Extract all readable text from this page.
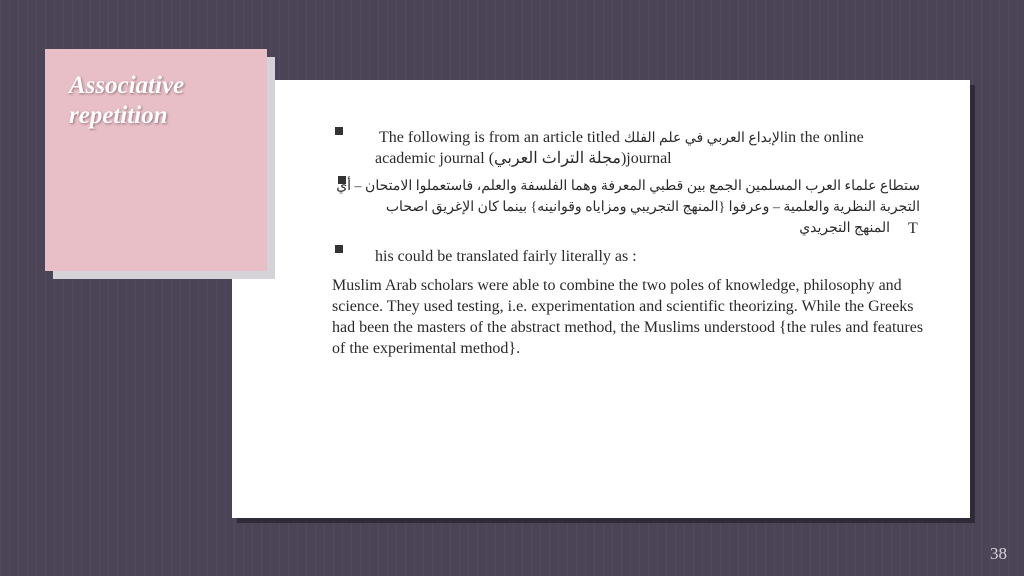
Associative repetition

The following is from an article titled الإبداع العربي في علم الفلكin the online

academic journal (مجلة التراث العربي)journal

ستطاع علماء العرب المسلمين الجمع بين قطبي المعرفة وهما الفلسفة والعلم، فاستعملوا الامتحان – أي

التجربة النظرية والعلمية – وعرفوا {المنهج التجريبي ومزاياه وقوانينه} بينما كان الإغريق اصحاب

المنهج التجريدي T

his could be translated fairly literally as :

Muslim Arab scholars were able to combine the two poles of knowledge, philosophy and science. They used testing, i.e. experimentation and scientific theorizing. While the Greeks had been the masters of the abstract method, the Muslims understood {the rules and features of the experimental method}.

38
